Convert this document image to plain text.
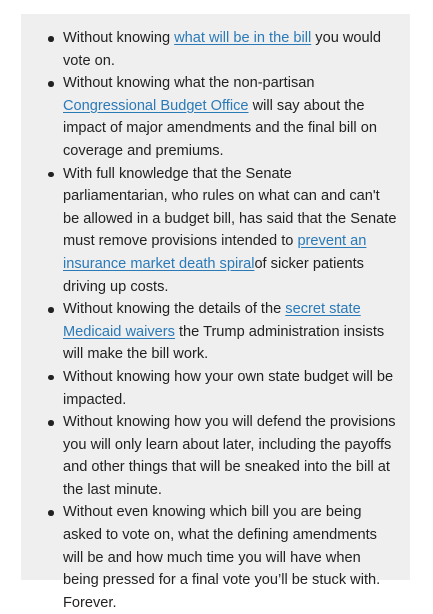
Without knowing what will be in the bill you would vote on.
Without knowing what the non-partisan Congressional Budget Office will say about the impact of major amendments and the final bill on coverage and premiums.
With full knowledge that the Senate parliamentarian, who rules on what can and can't be allowed in a budget bill, has said that the Senate must remove provisions intended to prevent an insurance market death spiralof sicker patients driving up costs.
Without knowing the details of the secret state Medicaid waivers the Trump administration insists will make the bill work.
Without knowing how your own state budget will be impacted.
Without knowing how you will defend the provisions you will only learn about later, including the payoffs and other things that will be sneaked into the bill at the last minute.
Without even knowing which bill you are being asked to vote on, what the defining amendments will be and how much time you will have when being pressed for a final vote you’ll be stuck with. Forever.
